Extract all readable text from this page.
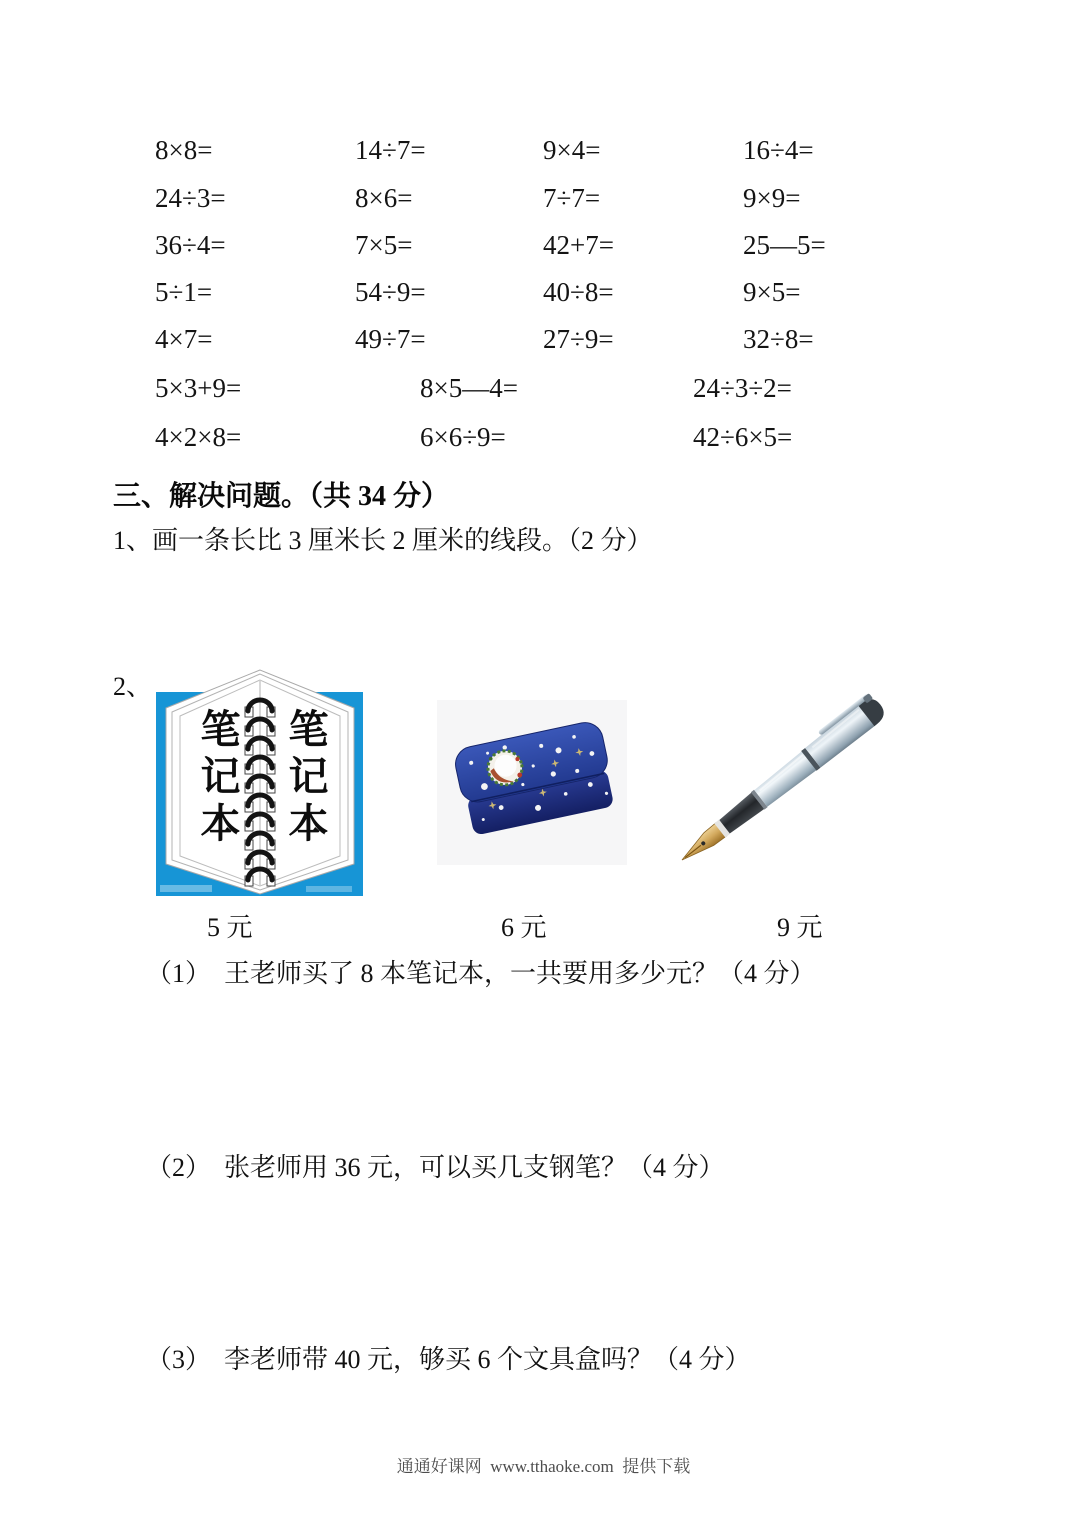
8×8=	14÷7=	9×4=	16÷4=
24÷3=	8×6=	7÷7=	9×9=
36÷4=	7×5=	42+7=	25—5=
5÷1=	54÷9=	40÷8=	9×5=
4×7=	49÷7=	27÷9=	32÷8=
5×3+9=	8×5—4=	24÷3÷2=
4×2×8=	6×6÷9=	42÷6×5=
三、解决问题。（共 34 分）
1、画一条长比 3 厘米长 2 厘米的线段。（2 分）
2、
笔记本 笔记本
5 元	6 元	9 元
（1）  王老师买了 8 本笔记本，一共要用多少元？（4 分）
（2）  张老师用 36 元，可以买几支钢笔？（4 分）
（3）  李老师带 40 元，够买 6 个文具盒吗？（4 分）
通通好课网  www.tthaoke.com  提供下载
